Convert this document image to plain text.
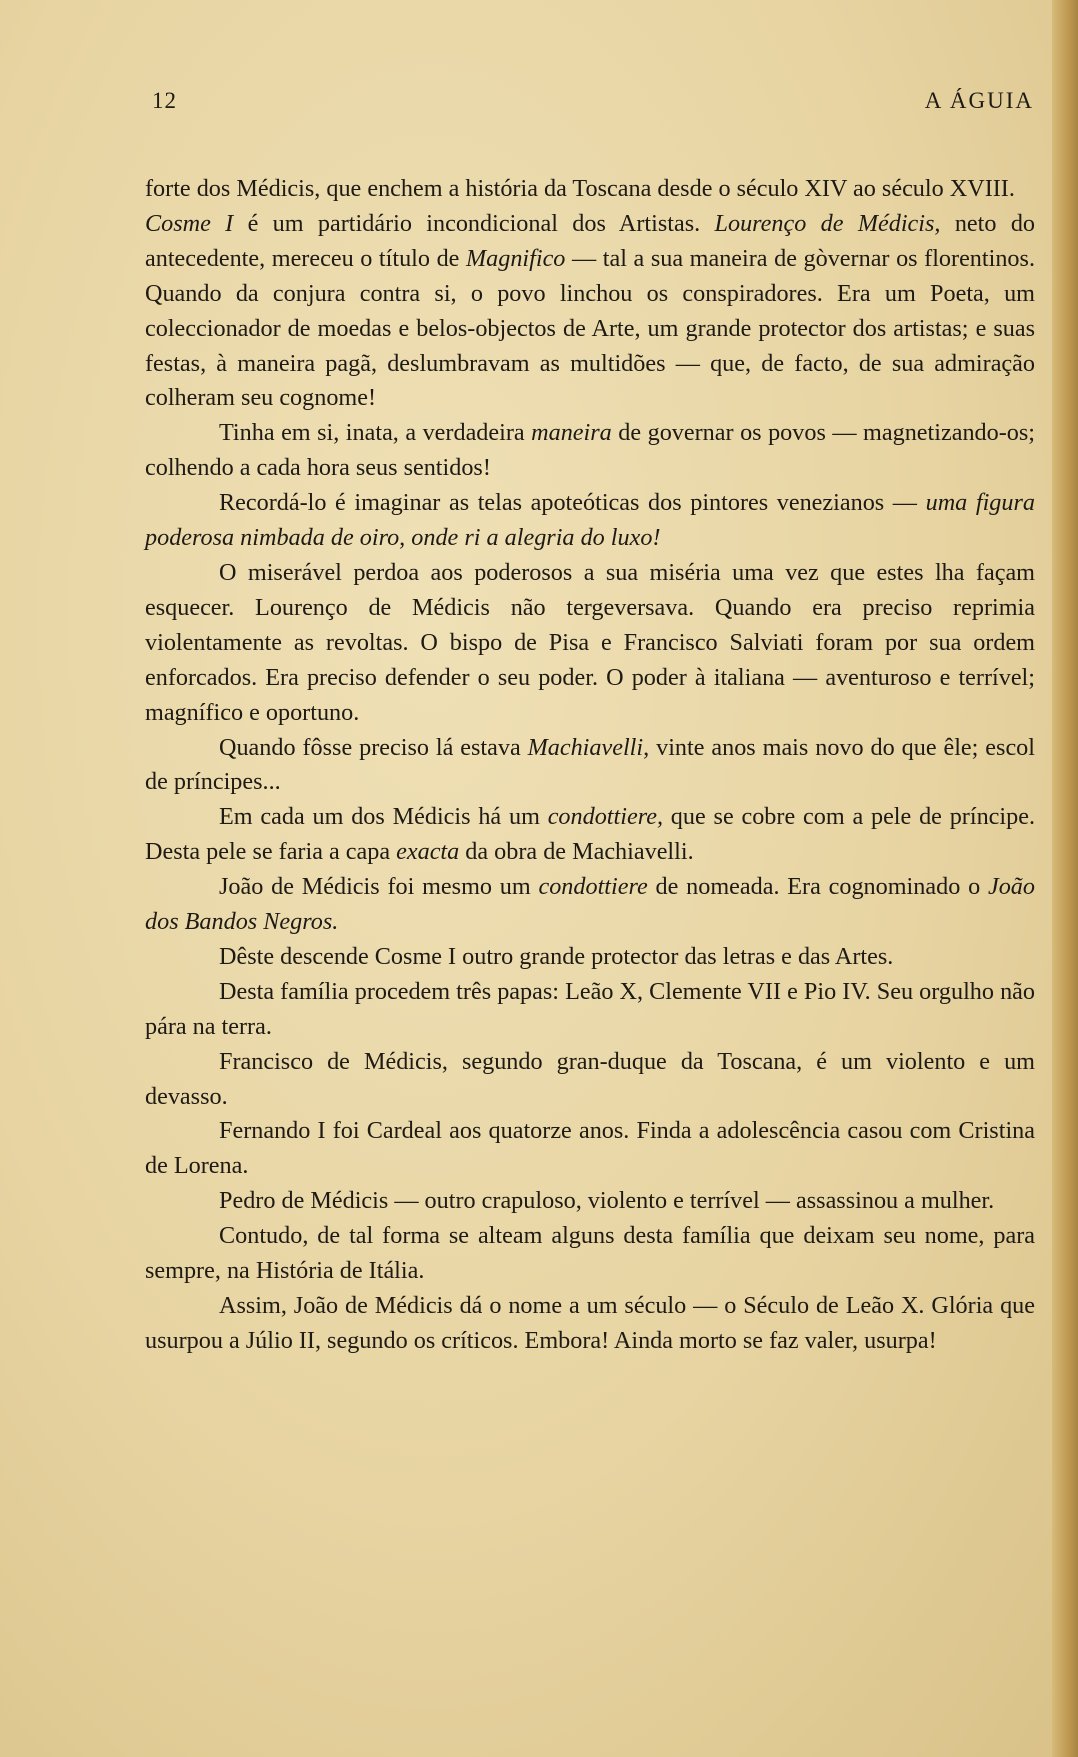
12	A ÁGUIA

forte dos Médicis, que enchem a história da Toscana desde o século XIV ao século XVIII.

Cosme I é um partidário incondicional dos Artistas. Lourenço de Médicis, neto do antecedente, mereceu o título de Magnifico — tal a sua maneira de gòvernar os florentinos. Quando da conjura contra si, o povo linchou os conspiradores. Era um Poeta, um coleccionador de moedas e belos-objectos de Arte, um grande protector dos artistas; e suas festas, à maneira pagã, deslumbravam as multidões — que, de facto, de sua admiração colheram seu cognome!

Tinha em si, inata, a verdadeira maneira de governar os povos — magnetizando-os; colhendo a cada hora seus sentidos!

Recordá-lo é imaginar as telas apoteóticas dos pintores venezianos — uma figura poderosa nimbada de oiro, onde ri a alegria do luxo!

O miserável perdoa aos poderosos a sua miséria uma vez que estes lha façam esquecer. Lourenço de Médicis não tergeversava. Quando era preciso reprimia violentamente as revoltas. O bispo de Pisa e Francisco Salviati foram por sua ordem enforcados. Era preciso defender o seu poder. O poder à italiana — aventuroso e terrível; magnífico e oportuno.

Quando fôsse preciso lá estava Machiavelli, vinte anos mais novo do que êle; escol de príncipes...

Em cada um dos Médicis há um condottiere, que se cobre com a pele de príncipe. Desta pele se faria a capa exacta da obra de Machiavelli.

João de Médicis foi mesmo um condottiere de nomeada. Era cognominado o João dos Bandos Negros.

Dêste descende Cosme I outro grande protector das letras e das Artes.

Desta família procedem três papas: Leão X, Clemente VII e Pio IV. Seu orgulho não pára na terra.

Francisco de Médicis, segundo gran-duque da Toscana, é um violento e um devasso.

Fernando I foi Cardeal aos quatorze anos. Finda a adolescência casou com Cristina de Lorena.

Pedro de Médicis — outro crapuloso, violento e terrível — assassinou a mulher.

Contudo, de tal forma se alteam alguns desta família que deixam seu nome, para sempre, na História de Itália.

Assim, João de Médicis dá o nome a um século — o Século de Leão X. Glória que usurpou a Júlio II, segundo os críticos. Embora! Ainda morto se faz valer, usurpa!
